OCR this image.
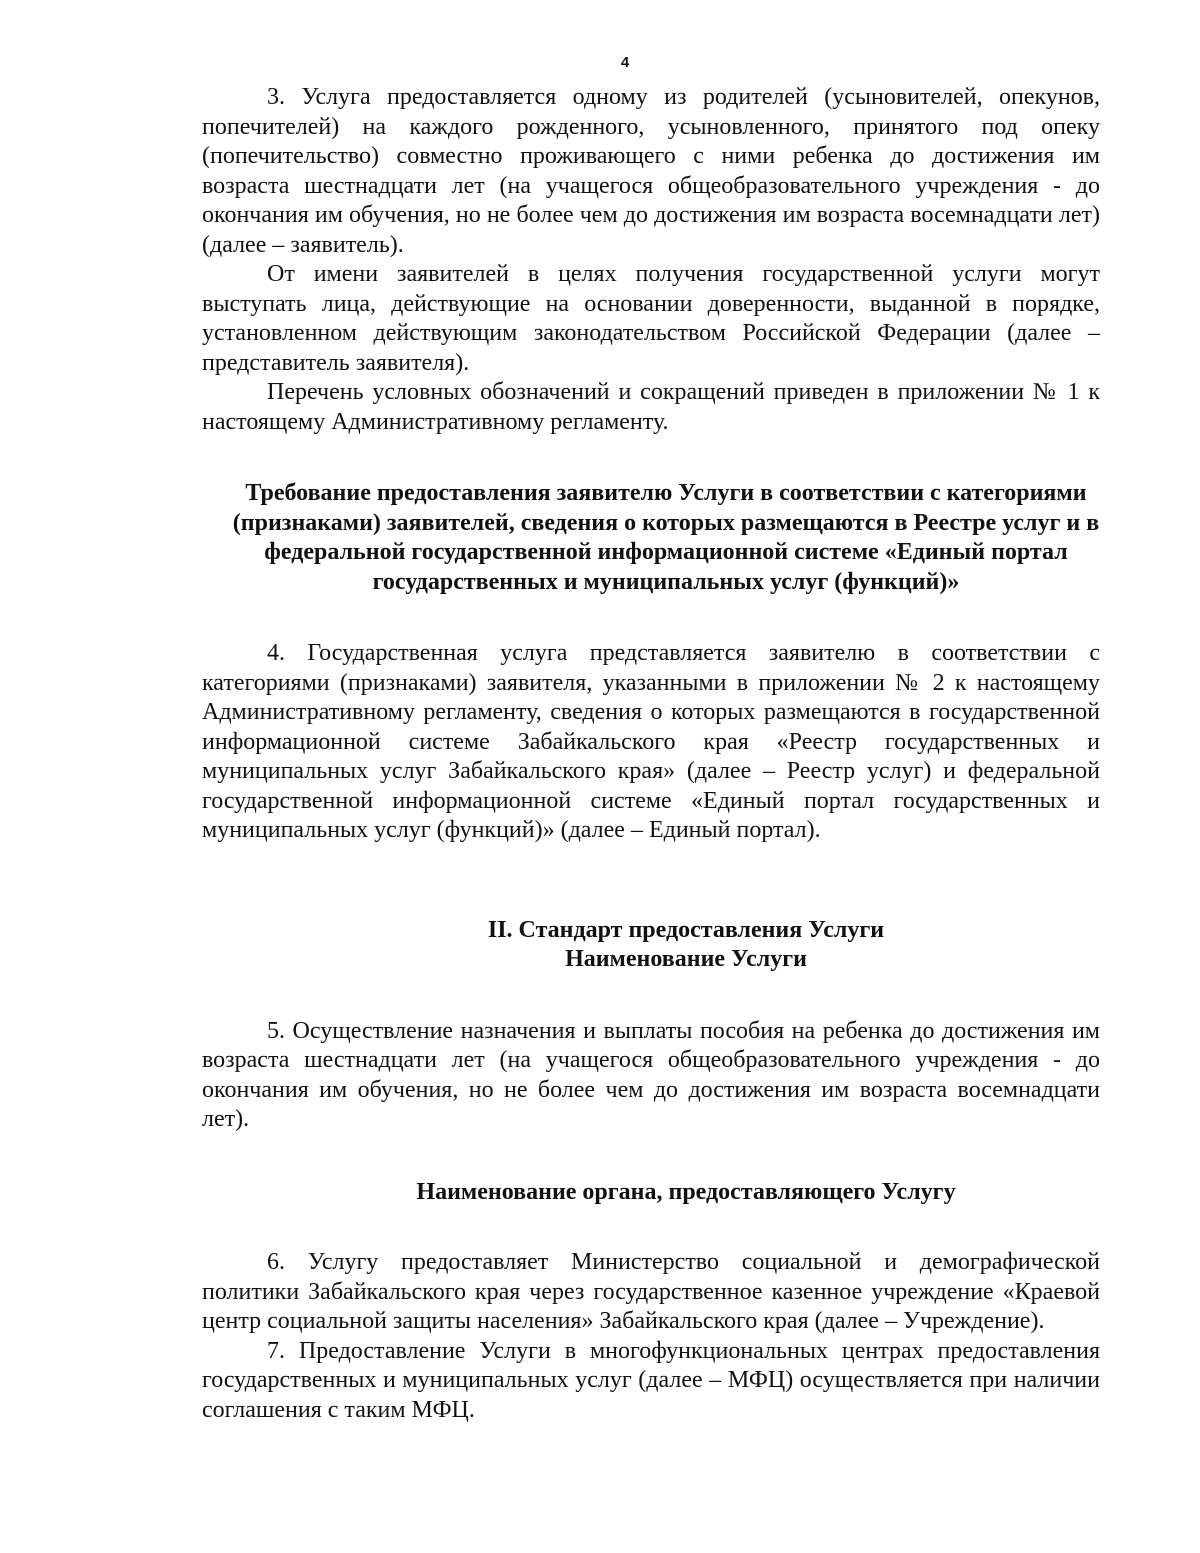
4

3. Услуга предоставляется одному из родителей (усыновителей, опекунов, попечителей) на каждого рожденного, усыновленного, принятого под опеку (попечительство) совместно проживающего с ними ребенка до достижения им возраста шестнадцати лет (на учащегося общеобразовательного учреждения - до окончания им обучения, но не более чем до достижения им возраста восемнадцати лет) (далее – заявитель).

От имени заявителей в целях получения государственной услуги могут выступать лица, действующие на основании доверенности, выданной в порядке, установленном действующим законодательством Российской Федерации (далее – представитель заявителя).

Перечень условных обозначений и сокращений приведен в приложении № 1 к настоящему Административному регламенту.

Требование предоставления заявителю Услуги в соответствии с категориями (признаками) заявителей, сведения о которых размещаются в Реестре услуг и в федеральной государственной информационной системе «Единый портал государственных и муниципальных услуг (функций)»

4. Государственная услуга представляется заявителю в соответствии с категориями (признаками) заявителя, указанными в приложении № 2 к настоящему Административному регламенту, сведения о которых размещаются в государственной информационной системе Забайкальского края «Реестр государственных и муниципальных услуг Забайкальского края» (далее – Реестр услуг) и федеральной государственной информационной системе «Единый портал государственных и муниципальных услуг (функций)» (далее – Единый портал).

II. Стандарт предоставления Услуги

Наименование Услуги

5. Осуществление назначения и выплаты пособия на ребенка до достижения им возраста шестнадцати лет (на учащегося общеобразовательного учреждения - до окончания им обучения, но не более чем до достижения им возраста восемнадцати лет).

Наименование органа, предоставляющего Услугу

6. Услугу предоставляет Министерство социальной и демографической политики Забайкальского края через государственное казенное учреждение «Краевой центр социальной защиты населения» Забайкальского края (далее – Учреждение).

7. Предоставление Услуги в многофункциональных центрах предоставления государственных и муниципальных услуг (далее – МФЦ) осуществляется при наличии соглашения с таким МФЦ.
